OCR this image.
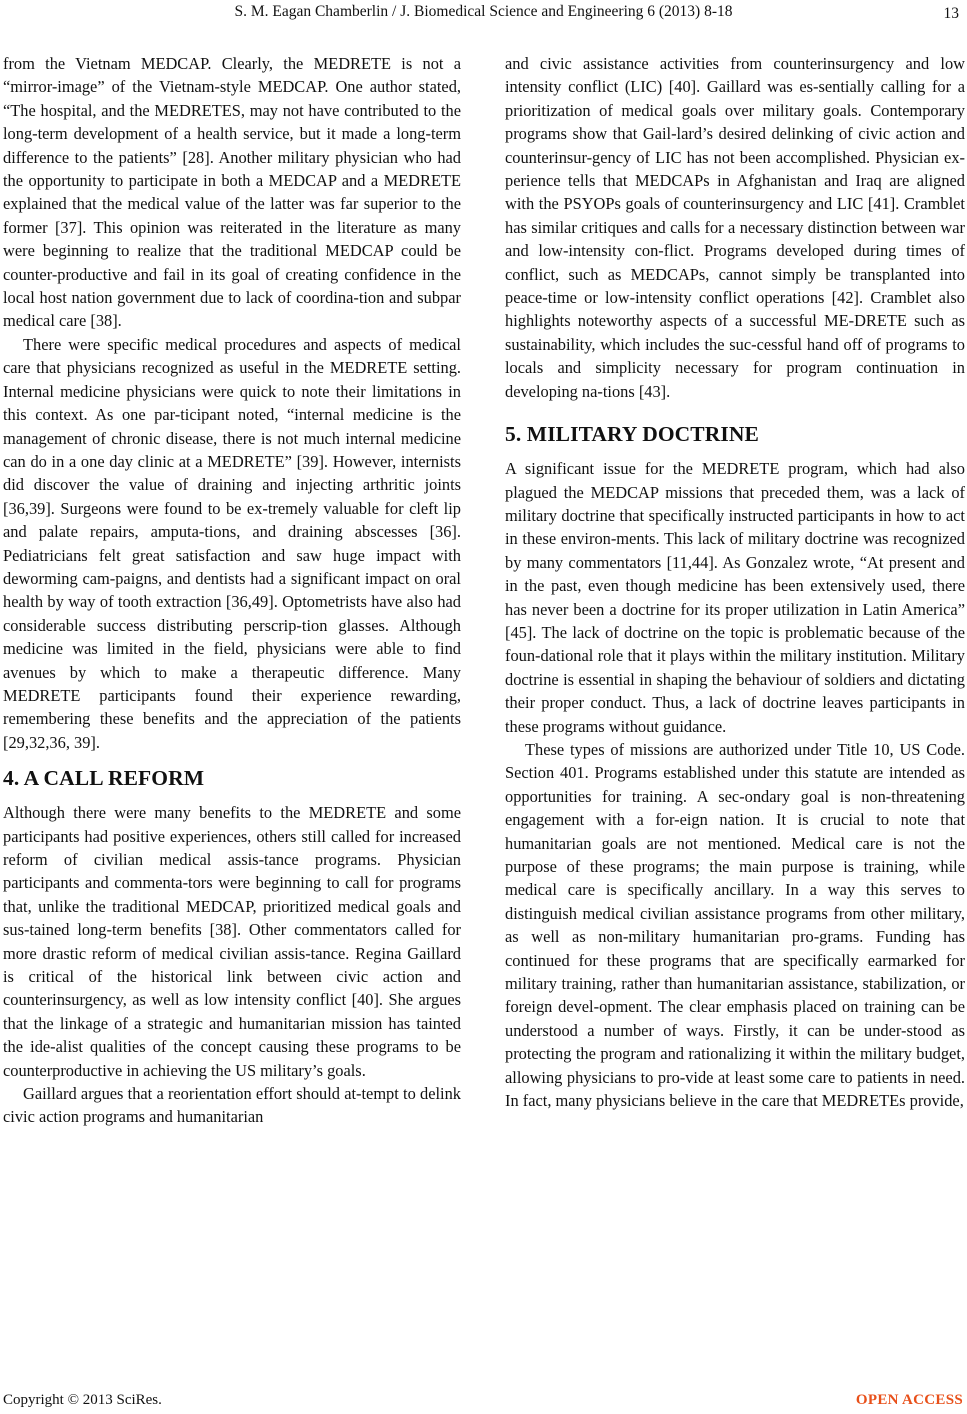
S. M. Eagan Chamberlin / J. Biomedical Science and Engineering 6 (2013) 8-18	13

from the Vietnam MEDCAP. Clearly, the MEDRETE is not a “mirror-image” of the Vietnam-style MEDCAP. One author stated, “The hospital, and the MEDRETES, may not have contributed to the long-term development of a health service, but it made a long-term difference to the patients” [28]. Another military physician who had the opportunity to participate in both a MEDCAP and a MEDRETE explained that the medical value of the latter was far superior to the former [37]. This opinion was reiterated in the literature as many were beginning to realize that the traditional MEDCAP could be counter-productive and fail in its goal of creating confidence in the local host nation government due to lack of coordina-tion and subpar medical care [38].

There were specific medical procedures and aspects of medical care that physicians recognized as useful in the MEDRETE setting. Internal medicine physicians were quick to note their limitations in this context. As one par-ticipant noted, “internal medicine is the management of chronic disease, there is not much internal medicine can do in a one day clinic at a MEDRETE” [39]. However, internists did discover the value of draining and injecting arthritic joints [36,39]. Surgeons were found to be ex-tremely valuable for cleft lip and palate repairs, amputa-tions, and draining abscesses [36]. Pediatricians felt great satisfaction and saw huge impact with deworming cam-paigns, and dentists had a significant impact on oral health by way of tooth extraction [36,49]. Optometrists have also had considerable success distributing perscrip-tion glasses. Although medicine was limited in the field, physicians were able to find avenues by which to make a therapeutic difference. Many MEDRETE participants found their experience rewarding, remembering these benefits and the appreciation of the patients [29,32,36, 39].

4. A CALL REFORM

Although there were many benefits to the MEDRETE and some participants had positive experiences, others still called for increased reform of civilian medical assis-tance programs. Physician participants and commenta-tors were beginning to call for programs that, unlike the traditional MEDCAP, prioritized medical goals and sus-tained long-term benefits [38]. Other commentators called for more drastic reform of medical civilian assis-tance. Regina Gaillard is critical of the historical link between civic action and counterinsurgency, as well as low intensity conflict [40]. She argues that the linkage of a strategic and humanitarian mission has tainted the ide-alist qualities of the concept causing these programs to be counterproductive in achieving the US military’s goals.

Gaillard argues that a reorientation effort should at-tempt to delink civic action programs and humanitarian

and civic assistance activities from counterinsurgency and low intensity conflict (LIC) [40]. Gaillard was es-sentially calling for a prioritization of medical goals over military goals. Contemporary programs show that Gail-lard’s desired delinking of civic action and counterinsur-gency of LIC has not been accomplished. Physician ex-perience tells that MEDCAPs in Afghanistan and Iraq are aligned with the PSYOPs goals of counterinsurgency and LIC [41]. Cramblet has similar critiques and calls for a necessary distinction between war and low-intensity con-flict. Programs developed during times of conflict, such as MEDCAPs, cannot simply be transplanted into peace-time or low-intensity conflict operations [42]. Cramblet also highlights noteworthy aspects of a successful ME-DRETE such as sustainability, which includes the suc-cessful hand off of programs to locals and simplicity necessary for program continuation in developing na-tions [43].

5. MILITARY DOCTRINE

A significant issue for the MEDRETE program, which had also plagued the MEDCAP missions that preceded them, was a lack of military doctrine that specifically instructed participants in how to act in these environ-ments. This lack of military doctrine was recognized by many commentators [11,44]. As Gonzalez wrote, “At present and in the past, even though medicine has been extensively used, there has never been a doctrine for its proper utilization in Latin America” [45]. The lack of doctrine on the topic is problematic because of the foun-dational role that it plays within the military institution. Military doctrine is essential in shaping the behaviour of soldiers and dictating their proper conduct. Thus, a lack of doctrine leaves participants in these programs without guidance.

These types of missions are authorized under Title 10, US Code. Section 401. Programs established under this statute are intended as opportunities for training. A sec-ondary goal is non-threatening engagement with a for-eign nation. It is crucial to note that humanitarian goals are not mentioned. Medical care is not the purpose of these programs; the main purpose is training, while medical care is specifically ancillary. In a way this serves to distinguish medical civilian assistance programs from other military, as well as non-military humanitarian pro-grams. Funding has continued for these programs that are specifically earmarked for military training, rather than humanitarian assistance, stabilization, or foreign devel-opment. The clear emphasis placed on training can be understood a number of ways. Firstly, it can be under-stood as protecting the program and rationalizing it within the military budget, allowing physicians to pro-vide at least some care to patients in need. In fact, many physicians believe in the care that MEDRETEs provide,

Copyright © 2013 SciRes.	OPEN ACCESS
